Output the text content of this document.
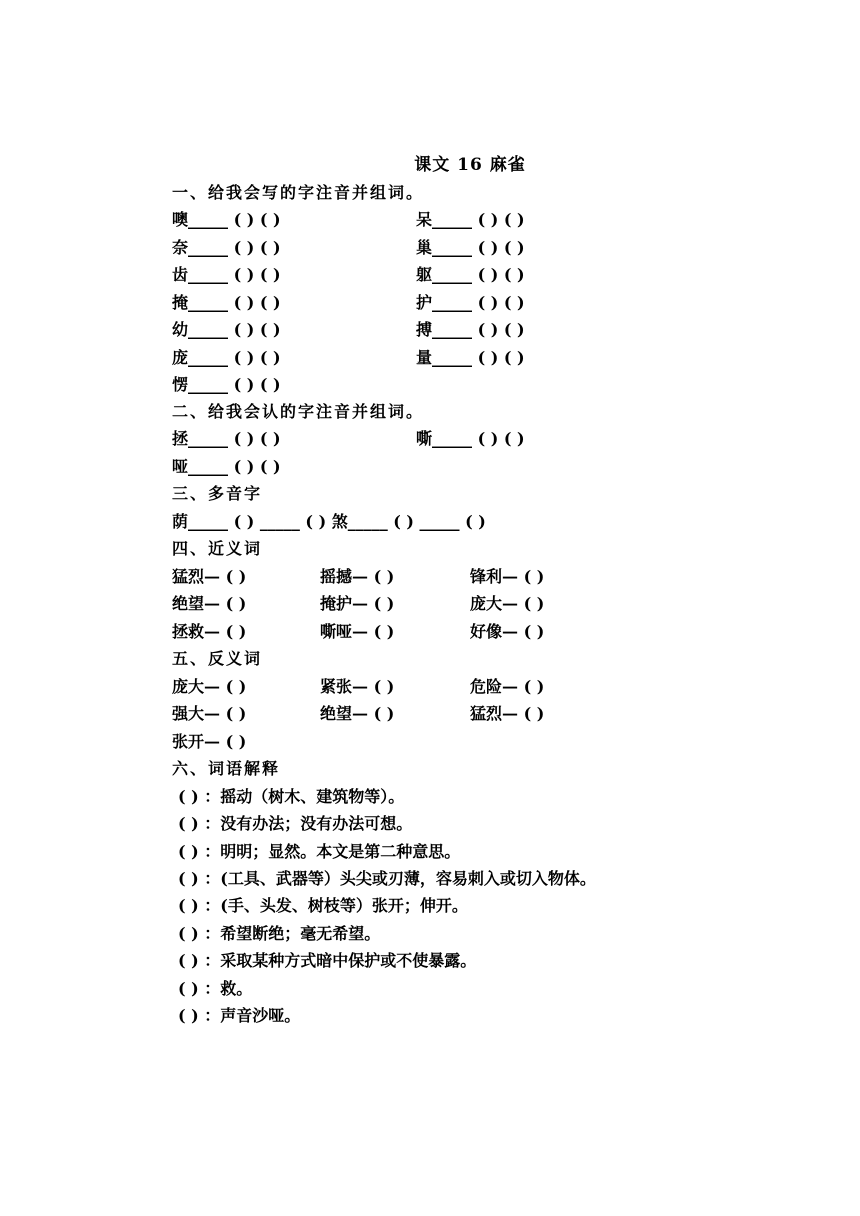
课文 16 麻雀
一、给我会写的字注音并组词。
噢_____ ( ) ( )	呆_____ ( ) ( )
奈_____ ( ) ( )	巢_____ ( ) ( )
齿_____ ( ) ( )	躯_____ ( ) ( )
掩_____ ( ) ( )	护_____ ( ) ( )
幼_____ ( ) ( )	搏_____ ( ) ( )
庞_____ ( ) ( )	量_____ ( ) ( )
愣_____ ( ) ( )
二、给我会认的字注音并组词。
拯_____ ( ) ( )	嘶_____ ( ) ( )
哑_____ ( ) ( )
三、多音字
荫_____ ( ) _____ ( ) 煞_____ ( ) _____ ( )
四、近义词
猛烈— ( )	摇撼— ( )	锋利— ( )
绝望— ( )	掩护— ( )	庞大— ( )
拯救— ( )	嘶哑— ( )	好像— ( )
五、反义词
庞大— ( )	紧张— ( )	危险— ( )
强大— ( )	绝望— ( )	猛烈— ( )
张开— ( )
六、词语解释
( ) ：摇动（树木、建筑物等）。
( ) ：没有办法；没有办法可想。
( ) ：明明；显然。本文是第二种意思。
( ) ：(工具、武器等）头尖或刃薄，容易刺入或切入物体。
( ) ：(手、头发、树枝等）张开；伸开。
( ) ：希望断绝；毫无希望。
( ) ：采取某种方式暗中保护或不使暴露。
( ) ：救。
( ) ：声音沙哑。
